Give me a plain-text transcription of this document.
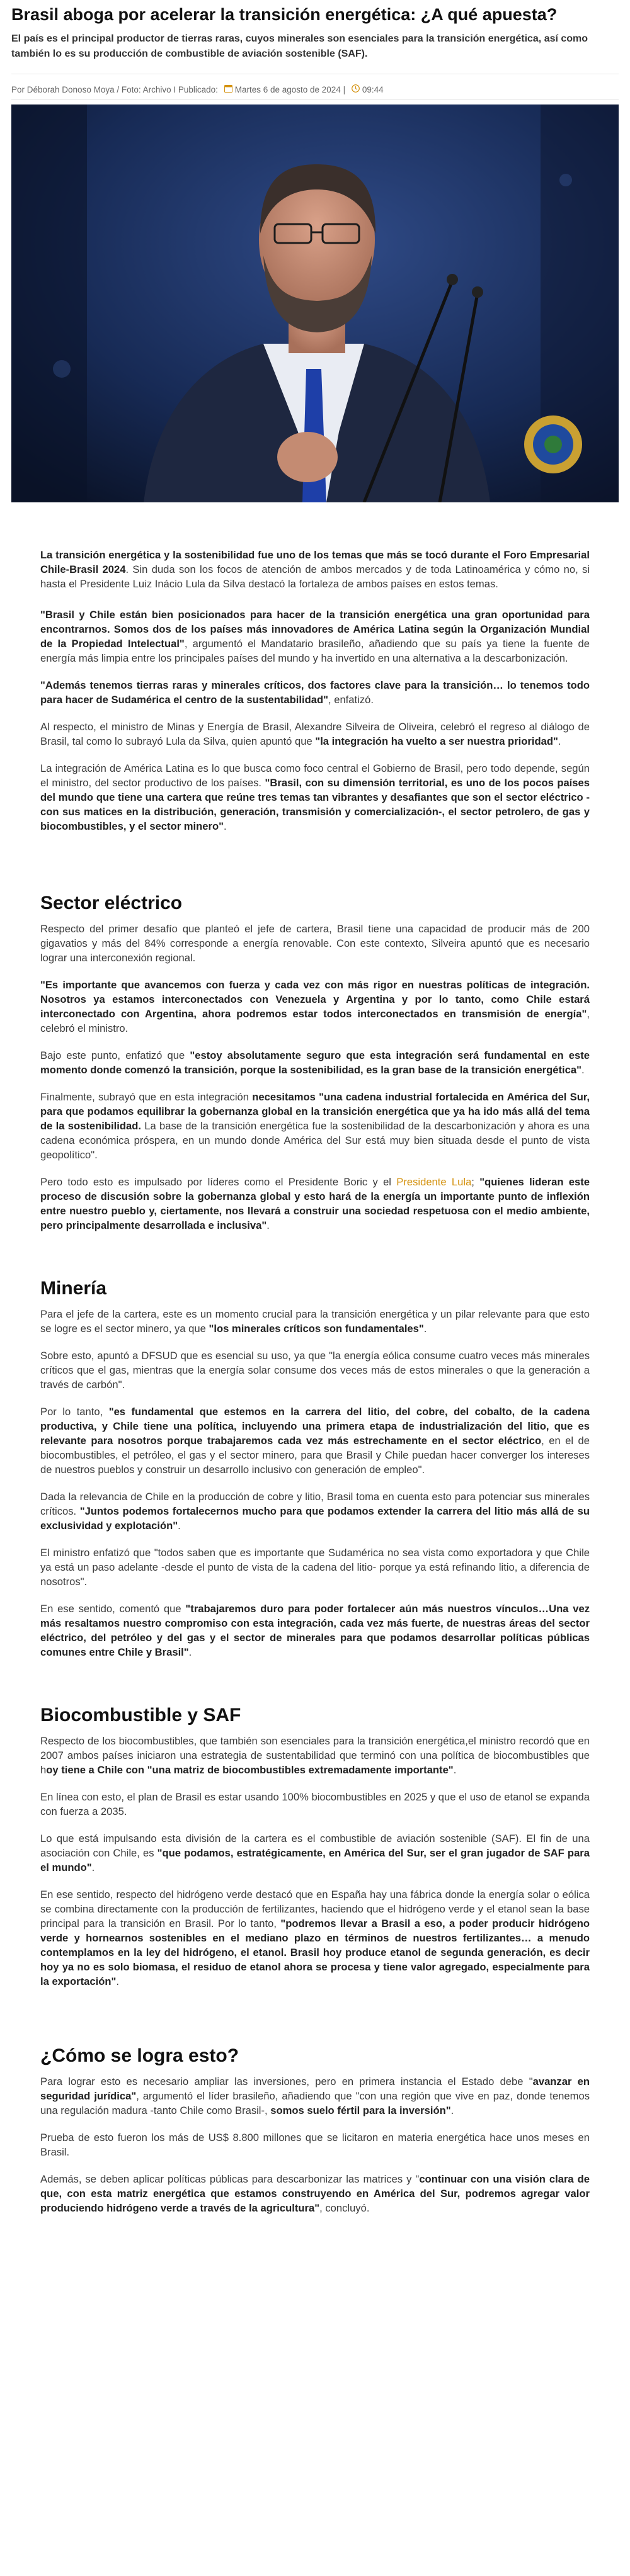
Brasil aboga por acelerar la transición energética: ¿A qué apuesta?

El país es el principal productor de tierras raras, cuyos minerales son esenciales para la transición energética, así como también lo es su producción de combustible de aviación sostenible (SAF).

Por Déborah Donoso Moya / Foto: Archivo I Publicado: Martes 6 de agosto de 2024 | 09:44

La transición energética y la sostenibilidad fue uno de los temas que más se tocó durante el Foro Empresarial Chile-Brasil 2024. Sin duda son los focos de atención de ambos mercados y de toda Latinoamérica y cómo no, si hasta el Presidente Luiz Inácio Lula da Silva destacó la fortaleza de ambos países en estos temas.

"Brasil y Chile están bien posicionados para hacer de la transición energética una gran oportunidad para encontrarnos. Somos dos de los países más innovadores de América Latina según la Organización Mundial de la Propiedad Intelectual", argumentó el Mandatario brasileño, añadiendo que su país ya tiene la fuente de energía más limpia entre los principales países del mundo y ha invertido en una alternativa a la descarbonización.

"Además tenemos tierras raras y minerales críticos, dos factores clave para la transición… lo tenemos todo para hacer de Sudamérica el centro de la sustentabilidad", enfatizó.

Al respecto, el ministro de Minas y Energía de Brasil, Alexandre Silveira de Oliveira, celebró el regreso al diálogo de Brasil, tal como lo subrayó Lula da Silva, quien apuntó que "la integración ha vuelto a ser nuestra prioridad".

La integración de América Latina es lo que busca como foco central el Gobierno de Brasil, pero todo depende, según el ministro, del sector productivo de los países. "Brasil, con su dimensión territorial, es uno de los pocos países del mundo que tiene una cartera que reúne tres temas tan vibrantes y desafiantes que son el sector eléctrico -con sus matices en la distribución, generación, transmisión y comercialización-, el sector petrolero, de gas y biocombustibles, y el sector minero".

Sector eléctrico

Respecto del primer desafío que planteó el jefe de cartera, Brasil tiene una capacidad de producir más de 200 gigavatios y más del 84% corresponde a energía renovable. Con este contexto, Silveira apuntó que es necesario lograr una interconexión regional.

"Es importante que avancemos con fuerza y cada vez con más rigor en nuestras políticas de integración. Nosotros ya estamos interconectados con Venezuela y Argentina y por lo tanto, como Chile estará interconectado con Argentina, ahora podremos estar todos interconectados en transmisión de energía", celebró el ministro.

Bajo este punto, enfatizó que "estoy absolutamente seguro que esta integración será fundamental en este momento donde comenzó la transición, porque la sostenibilidad, es la gran base de la transición energética".

Finalmente, subrayó que en esta integración necesitamos "una cadena industrial fortalecida en América del Sur, para que podamos equilibrar la gobernanza global en la transición energética que ya ha ido más allá del tema de la sostenibilidad. La base de la transición energética fue la sostenibilidad de la descarbonización y ahora es una cadena económica próspera, en un mundo donde América del Sur está muy bien situada desde el punto de vista geopolítico".

Pero todo esto es impulsado por líderes como el Presidente Boric y el Presidente Lula; "quienes lideran este proceso de discusión sobre la gobernanza global y esto hará de la energía un importante punto de inflexión entre nuestro pueblo y, ciertamente, nos llevará a construir una sociedad respetuosa con el medio ambiente, pero principalmente desarrollada e inclusiva".

Minería

Para el jefe de la cartera, este es un momento crucial para la transición energética y un pilar relevante para que esto se logre es el sector minero, ya que "los minerales críticos son fundamentales".

Sobre esto, apuntó a DFSUD que es esencial su uso, ya que "la energía eólica consume cuatro veces más minerales críticos que el gas, mientras que la energía solar consume dos veces más de estos minerales o que la generación a través de carbón".

Por lo tanto, "es fundamental que estemos en la carrera del litio, del cobre, del cobalto, de la cadena productiva, y Chile tiene una política, incluyendo una primera etapa de industrialización del litio, que es relevante para nosotros porque trabajaremos cada vez más estrechamente en el sector eléctrico, en el de biocombustibles, el petróleo, el gas y el sector minero, para que Brasil y Chile puedan hacer converger los intereses de nuestros pueblos y construir un desarrollo inclusivo con generación de empleo".

Dada la relevancia de Chile en la producción de cobre y litio, Brasil toma en cuenta esto para potenciar sus minerales críticos. "Juntos podemos fortalecernos mucho para que podamos extender la carrera del litio más allá de su exclusividad y explotación".

El ministro enfatizó que "todos saben que es importante que Sudamérica no sea vista como exportadora y que Chile ya está un paso adelante -desde el punto de vista de la cadena del litio- porque ya está refinando litio, a diferencia de nosotros".

En ese sentido, comentó que "trabajaremos duro para poder fortalecer aún más nuestros vínculos…Una vez más resaltamos nuestro compromiso con esta integración, cada vez más fuerte, de nuestras áreas del sector eléctrico, del petróleo y del gas y el sector de minerales para que podamos desarrollar políticas públicas comunes entre Chile y Brasil".

Biocombustible y SAF

Respecto de los biocombustibles, que también son esenciales para la transición energética,el ministro recordó que en 2007 ambos países iniciaron una estrategia de sustentabilidad que terminó con una política de biocombustibles que hoy tiene a Chile con "una matriz de biocombustibles extremadamente importante".

En línea con esto, el plan de Brasil es estar usando 100% biocombustibles en 2025 y que el uso de etanol se expanda con fuerza a 2035.

Lo que está impulsando esta división de la cartera es el combustible de aviación sostenible (SAF). El fin de una asociación con Chile, es "que podamos, estratégicamente, en América del Sur, ser el gran jugador de SAF para el mundo".

En ese sentido, respecto del hidrógeno verde destacó que en España hay una fábrica donde la energía solar o eólica se combina directamente con la producción de fertilizantes, haciendo que el hidrógeno verde y el etanol sean la base principal para la transición en Brasil. Por lo tanto, "podremos llevar a Brasil a eso, a poder producir hidrógeno verde y hornearnos sostenibles en el mediano plazo en términos de nuestros fertilizantes… a menudo contemplamos en la ley del hidrógeno, el etanol. Brasil hoy produce etanol de segunda generación, es decir hoy ya no es solo biomasa, el residuo de etanol ahora se procesa y tiene valor agregado, especialmente para la exportación".

¿Cómo se logra esto?

Para lograr esto es necesario ampliar las inversiones, pero en primera instancia el Estado debe "avanzar en seguridad jurídica", argumentó el líder brasileño, añadiendo que "con una región que vive en paz, donde tenemos una regulación madura -tanto Chile como Brasil-, somos suelo fértil para la inversión".

Prueba de esto fueron los más de US$ 8.800 millones que se licitaron en materia energética hace unos meses en Brasil.

Además, se deben aplicar políticas públicas para descarbonizar las matrices y "continuar con una visión clara de que, con esta matriz energética que estamos construyendo en América del Sur, podremos agregar valor produciendo hidrógeno verde a través de la agricultura", concluyó.
